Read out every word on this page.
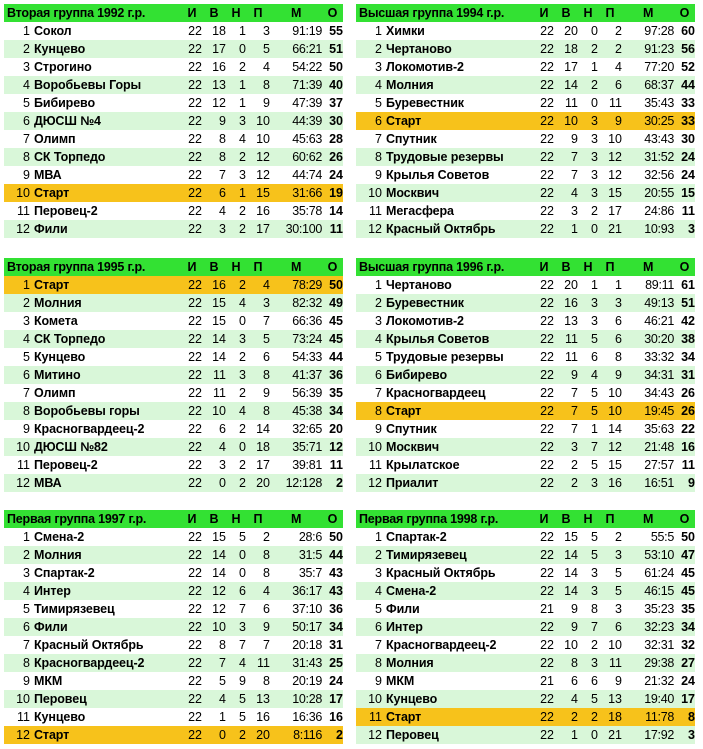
Вторая группа 1992 г.р.	И	В	Н	П	М	О
1 Сокол	22 18	1	3	91:19 55
2 Кунцево	22 17	0	5	66:21 51
3 Строгино	22 16	2	4	54:22 50
4 Воробьевы Горы	22 13	1	8	71:39 40
5 Бибирево	22 12	1	9	47:39 37
6 ДЮСШ №4	22	9	3 10	44:39 30
7 Олимп	22	8	4 10	45:63 28
8 СК Торпедо	22	8	2 12	60:62 26
9 МВА	22	7	3 12	44:74 24
10 Старт	22	6	1 15	31:66 19
11 Перовец-2	22	4	2 16	35:78 14
12 Фили	22	3	2 17	30:100 11
Высшая группа 1994 г.р.	И	В	Н	П	М	О
1 Химки	22 20	0	2	97:28 60
2 Чертаново	22 18	2	2	91:23 56
3 Локомотив-2	22 17	1	4	77:20 52
4 Молния	22 14	2	6	68:37 44
5 Буревестник	22 11	0 11	35:43 33
6 Старт	22 10	3	9	30:25 33
7 Спутник	22	9	3 10	43:43 30
8 Трудовые резервы	22	7	3 12	31:52 24
9 Крылья Советов	22	7	3 12	32:56 24
10 Москвич	22	4	3 15	20:55 15
11 Мегасфера	22	3	2 17	24:86 11
12 Красный Октябрь	22	1	0 21	10:93	3
Вторая группа 1995 г.р.	И	В	Н	П	М	О
1 Старт	22 16	2	4	78:29 50
2 Молния	22 15	4	3	82:32 49
3 Комета	22 15	0	7	66:36 45
4 СК Торпедо	22 14	3	5	73:24 45
5 Кунцево	22 14	2	6	54:33 44
6 Митино	22 11	3	8	41:37 36
7 Олимп	22 11	2	9	56:39 35
8 Воробьевы горы	22 10	4	8	45:38 34
9 Красногвардеец-2	22	6	2 14	32:65 20
10 ДЮСШ №82	22	4	0 18	35:71 12
11 Перовец-2	22	3	2 17	39:81 11
12 МВА	22	0	2 20	12:128	2
Высшая группа 1996 г.р.	И	В	Н	П	М	О
1 Чертаново	22 20	1	1	89:11 61
2 Буревестник	22 16	3	3	49:13 51
3 Локомотив-2	22 13	3	6	46:21 42
4 Крылья Советов	22 11	5	6	30:20 38
5 Трудовые резервы	22 11	6	8	33:32 34
6 Бибирево	22	9	4	9	34:31 31
7 Красногвардеец	22	7	5 10	34:43 26
8 Старт	22	7	5 10	19:45 26
9 Спутник	22	7	1 14	35:63 22
10 Москвич	22	3	7 12	21:48 16
11 Крылатское	22	2	5 15	27:57 11
12 Приалит	22	2	3 16	16:51	9
Первая группа 1997 г.р.	И	В	Н	П	М	О
1 Смена-2	22 15	5	2	28:6 50
2 Молния	22 14	0	8	31:5 44
3 Спартак-2	22 14	0	8	35:7 43
4 Интер	22 12	6	4	36:17 43
5 Тимирязевец	22 12	7	6	37:10 36
6 Фили	22 10	3	9	50:17 34
7 Красный Октябрь	22	8	7	7	20:18 31
8 Красногвардеец-2	22	7	4 11	31:43 25
9 МКМ	22	5	9	8	20:19 24
10 Перовец	22	4	5 13	10:28 17
11 Кунцево	22	1	5 16	16:36 16
12 Старт	22	0	2 20	8:116	2
Первая группа 1998 г.р.	И	В	Н	П	М	О
1 Спартак-2	22 15	5	2	55:5 50
2 Тимирязевец	22 14	5	3	53:10 47
3 Красный Октябрь	22 14	3	5	61:24 45
4 Смена-2	22 14	3	5	46:15 45
5 Фили	21	9	8	3	35:23 35
6 Интер	22	9	7	6	32:23 34
7 Красногвардеец-2	22 10	2 10	32:31 32
8 Молния	22	8	3 11	29:38 27
9 МКМ	21	6	6	9	21:32 24
10 Кунцево	22	4	5 13	19:40 17
11 Старт	22	2	2 18	11:78	8
12 Перовец	22	1	0 21	17:92	3
